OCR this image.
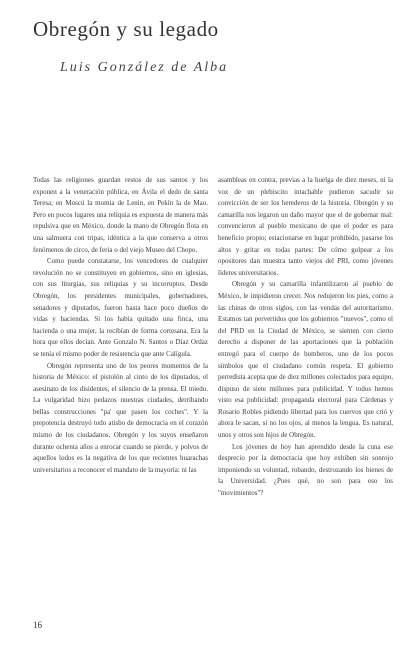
Obregón y su legado
Luis González de Alba

Todas las religiones guardan restos de sus santos y los exponen a la veneración pública, en Ávila el dedo de santa Teresa; en Moscú la momia de Lenin, en Pekín la de Mao. Pero en pocos lugares una reliquia es expuesta de manera más repulsiva que en México, donde la mano de Obregón flota en una salmuera con tripas, idéntica a la que conserva a otros fenómenos de circo, de feria o del viejo Museo del Chopo.

Como puede constatarse, los vencedores de cualquier revolución no se constituyen en gobiernos, sino en iglesias, con sus liturgias, sus reliquias y su incorruptos. Desde Obregón, los presidentes municipales, gobernadores, senadores y diputados, fueron hasta hace poco dueños de vidas y haciendas. Si los había quitado una finca, una hacienda o una mujer, la recibían de forma cortesana. Era la hora que ellos decían. Ante Gonzalo N. Santos o Díaz Ordaz se tenía el mismo poder de resistencia que ante Calígula.

Obregón representa uno de los peores momentos de la historia de México: el pistolón al cinto de los diputados, el asesinato de los disidentes, el silencio de la prensa. El miedo. La vulgaridad hizo pedazos nuestras ciudades, derribando bellas construcciones "pa' que pasen los coches". Y la prepotencia destruyó todo atisbo de democracia en el corazón mismo de los ciudadanos. Obregón y los suyos enseñaron durante ochenta años a enrocar cuando se pierde, y polvos de aquellos lodos es la negativa de los que recientes huarachas universitarios a reconocer el mandato de la mayoría: ni las

asambleas en contra, previas a la huelga de diez meses, ni la voz de un plebiscito intachable pudieron sacudir su convicción de ser los herederos de la historia. Obregón y su camarilla nos legaron un daño mayor que el de gobernar mal: convencieron al pueblo mexicano de que el poder es para beneficio propio; estacionarse en lugar prohibido, pasarse los altos y gritar en todas partes: De cómo golpear a los opositores dan muestra tanto viejos del PRI, como jóvenes líderes universitarios.

Obregón y su camarilla infantilizaron al pueblo de México, le impidieron crecer. Nos redujeron los pies, como a las chinas de otros siglos, con las vendas del autoritarismo. Estamos tan pervertidos que los gobiernos "nuevos", como el del PRD en la Ciudad de México, se sienten con cierto derecho a disponer de las aportaciones que la población entregó para el cuerpo de bomberos, uno de los pocos símbolos que el ciudadano común respeta. El gobierno perredista acepta que de diez millones colectados para equipo, dispuso de siete millones para publicidad. Y todos hemos visto esa publicidad: propaganda electoral para Cárdenas y Rosario Robles pidiendo libertad para los cuervos que crió y ahora le sacan, si no los ojos, al menos la lengua. Es natural, unos y otros son hijos de Obregón.

Los jóvenes de hoy han aprendido desde la cuna ese desprecio por la democracia que hoy exhiben sin sonrojo imponiendo su voluntad, robando, destrozando los bienes de la Universidad. ¿Pues qué, no son para eso los "movimientos"?

16
